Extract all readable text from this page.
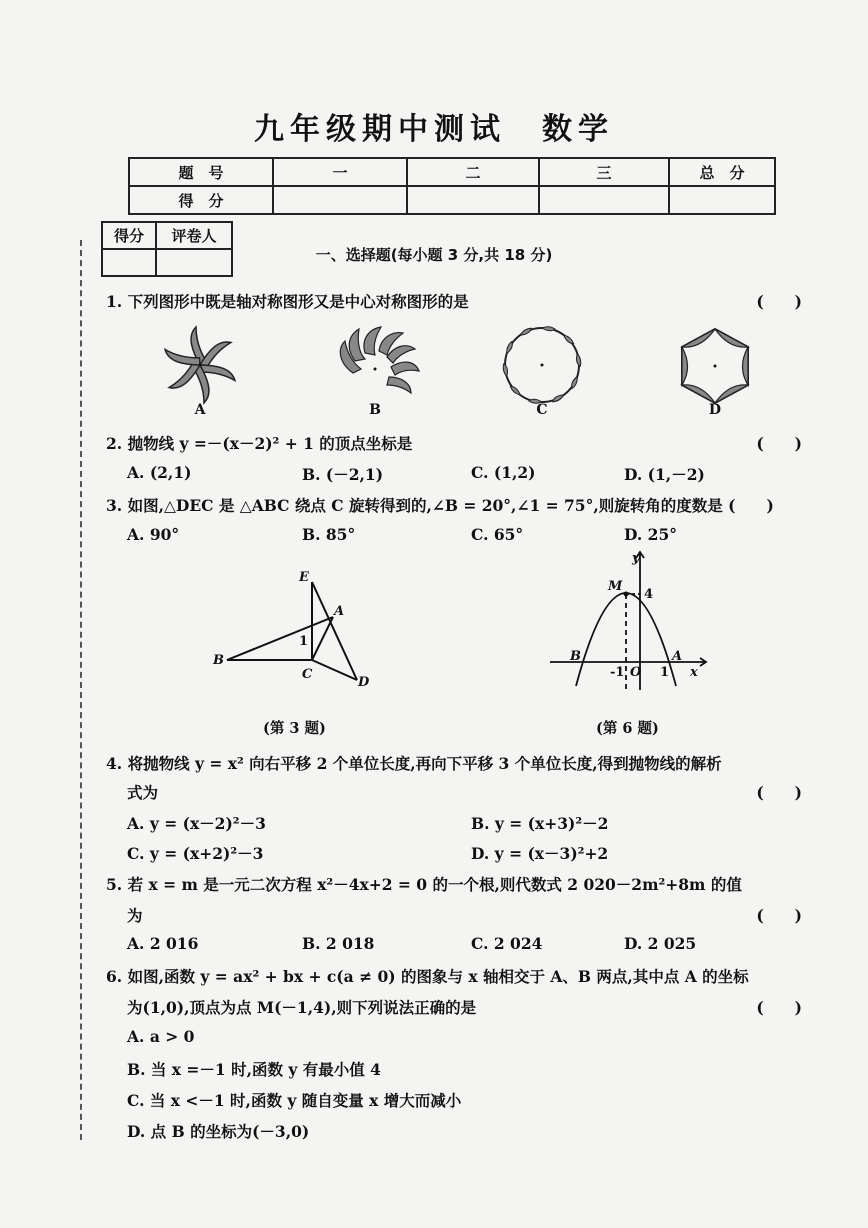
九年级期中测试　数学
题　号	一	二	三	总　分
得　分				
得分	评卷人

一、选择题(每小题 3 分,共 18 分)
1. 下列图形中既是轴对称图形又是中心对称图形的是	(　　)
A	B	C	D
2. 抛物线 y =－(x－2)² + 1 的顶点坐标是	(　　)
A. (2,1)	B. (－2,1)	C. (1,2)	D. (1,－2)
3. 如图,△DEC 是 △ABC 绕点 C 旋转得到的,∠B = 20°,∠1 = 75°,则旋转角的度数是 (　　)
A. 90°	B. 85°	C. 65°	D. 25°
E
A
B
C
D
1
(第 3 题)
y
x
M
4
B	A
-1 O 1
(第 6 题)
4. 将抛物线 y = x² 向右平移 2 个单位长度,再向下平移 3 个单位长度,得到抛物线的解析
式为	(　　)
A. y = (x－2)²－3	B. y = (x+3)²－2
C. y = (x+2)²－3	D. y = (x－3)²+2
5. 若 x = m 是一元二次方程 x²－4x+2 = 0 的一个根,则代数式 2 020－2m²+8m 的值
为	(　　)
A. 2 016	B. 2 018	C. 2 024	D. 2 025
6. 如图,函数 y = ax² + bx + c(a ≠ 0) 的图象与 x 轴相交于 A、B 两点,其中点 A 的坐标
为(1,0),顶点为点 M(－1,4),则下列说法正确的是	(　　)
A. a > 0
B. 当 x =－1 时,函数 y 有最小值 4
C. 当 x <－1 时,函数 y 随自变量 x 增大而减小
D. 点 B 的坐标为(－3,0)
